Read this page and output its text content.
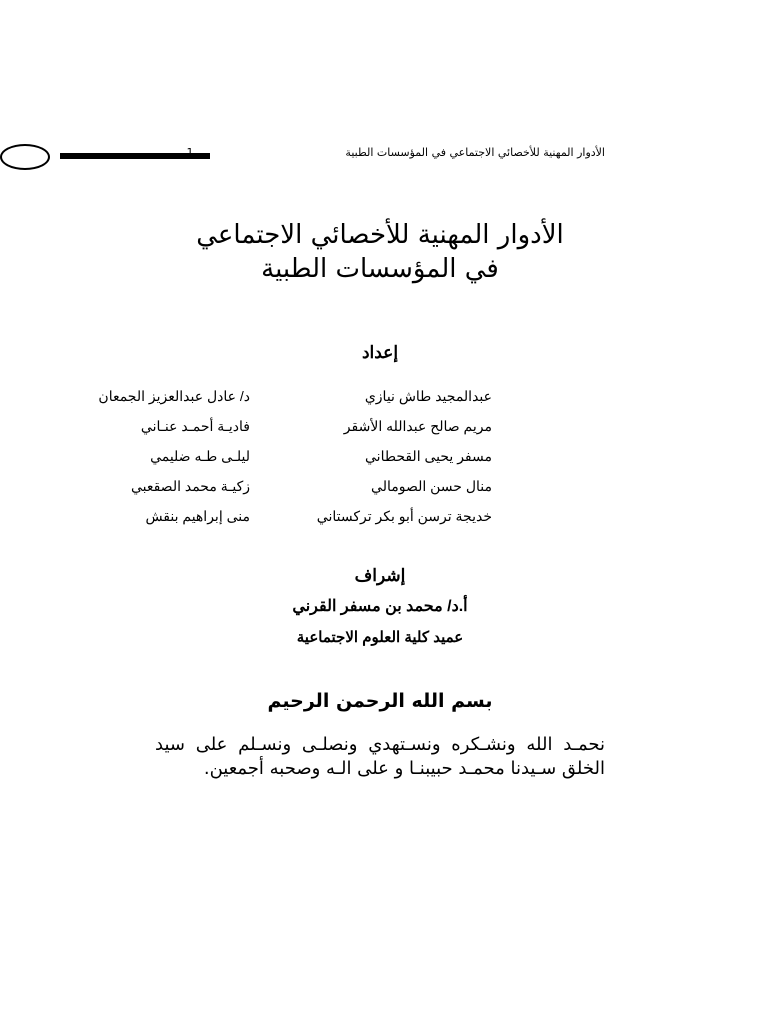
1	الأدوار المهنية للأخصائي الاجتماعي في المؤسسات الطبية
الأدوار المهنية للأخصائي الاجتماعي
في المؤسسات الطبية
إعداد
عبدالمجيد طاش نيازي
مريم صالح عبدالله الأشقر
مسفر يحيى القحطاني
منال حسن الصومالي
خديجة ترسن أبو بكر تركستاني
د/ عادل عبدالعزيز الجمعان
فاديـة أحمـد عنـاني
ليلـى طـه ضليمي
زكيـة محمد الصقعبي
منى إبراهيم بنقش
إشراف
أ.د/ محمد بن مسفر القرني
عميد كلية العلوم الاجتماعية
بسم الله الرحمن الرحيم
نحمـد الله ونشـكره ونسـتهدي ونصلـى ونسـلم على سيد الخلق سـيدنا محمـد حبيبنـا و على الـه وصحبه أجمعين.
